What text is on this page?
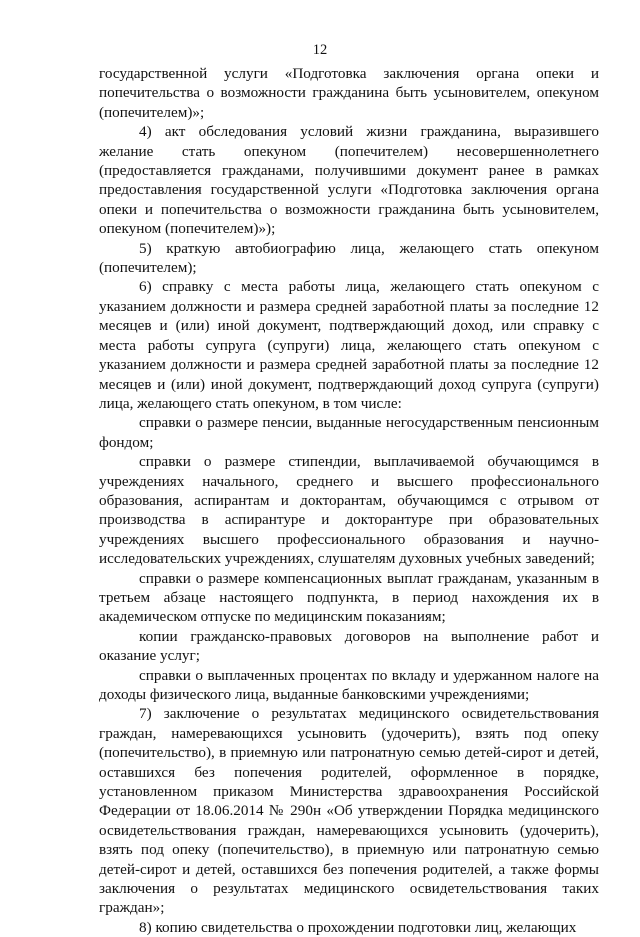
12

государственной услуги «Подготовка заключения органа опеки и попечительства о возможности гражданина быть усыновителем, опекуном (попечителем)»;

4) акт обследования условий жизни гражданина, выразившего желание стать опекуном (попечителем) несовершеннолетнего (предоставляется гражданами, получившими документ ранее в рамках предоставления государственной услуги «Подготовка заключения органа опеки и попечительства о возможности гражданина быть усыновителем, опекуном (попечителем)»);

5) краткую автобиографию лица, желающего стать опекуном (попечителем);

6) справку с места работы лица, желающего стать опекуном с указанием должности и размера средней заработной платы за последние 12 месяцев и (или) иной документ, подтверждающий доход, или справку с места работы супруга (супруги) лица, желающего стать опекуном с указанием должности и размера средней заработной платы за последние 12 месяцев и (или) иной документ, подтверждающий доход супруга (супруги) лица, желающего стать опекуном, в том числе:

справки о размере пенсии, выданные негосударственным пенсионным фондом;

справки о размере стипендии, выплачиваемой обучающимся в учреждениях начального, среднего и высшего профессионального образования, аспирантам и докторантам, обучающимся с отрывом от производства в аспирантуре и докторантуре при образовательных учреждениях высшего профессионального образования и научно-исследовательских учреждениях, слушателям духовных учебных заведений;

справки о размере компенсационных выплат гражданам, указанным в третьем абзаце настоящего подпункта, в период нахождения их в академическом отпуске по медицинским показаниям;

копии гражданско-правовых договоров на выполнение работ и оказание услуг;

справки о выплаченных процентах по вкладу и удержанном налоге на доходы физического лица, выданные банковскими учреждениями;

7) заключение о результатах медицинского освидетельствования граждан, намеревающихся усыновить (удочерить), взять под опеку (попечительство), в приемную или патронатную семью детей-сирот и детей, оставшихся без попечения родителей, оформленное в порядке, установленном приказом Министерства здравоохранения Российской Федерации от 18.06.2014 № 290н «Об утверждении Порядка медицинского освидетельствования граждан, намеревающихся усыновить (удочерить), взять под опеку (попечительство), в приемную или патронатную семью детей-сирот и детей, оставшихся без попечения родителей, а также формы заключения о результатах медицинского освидетельствования таких граждан»;

8) копию свидетельства о прохождении подготовки лиц, желающих
